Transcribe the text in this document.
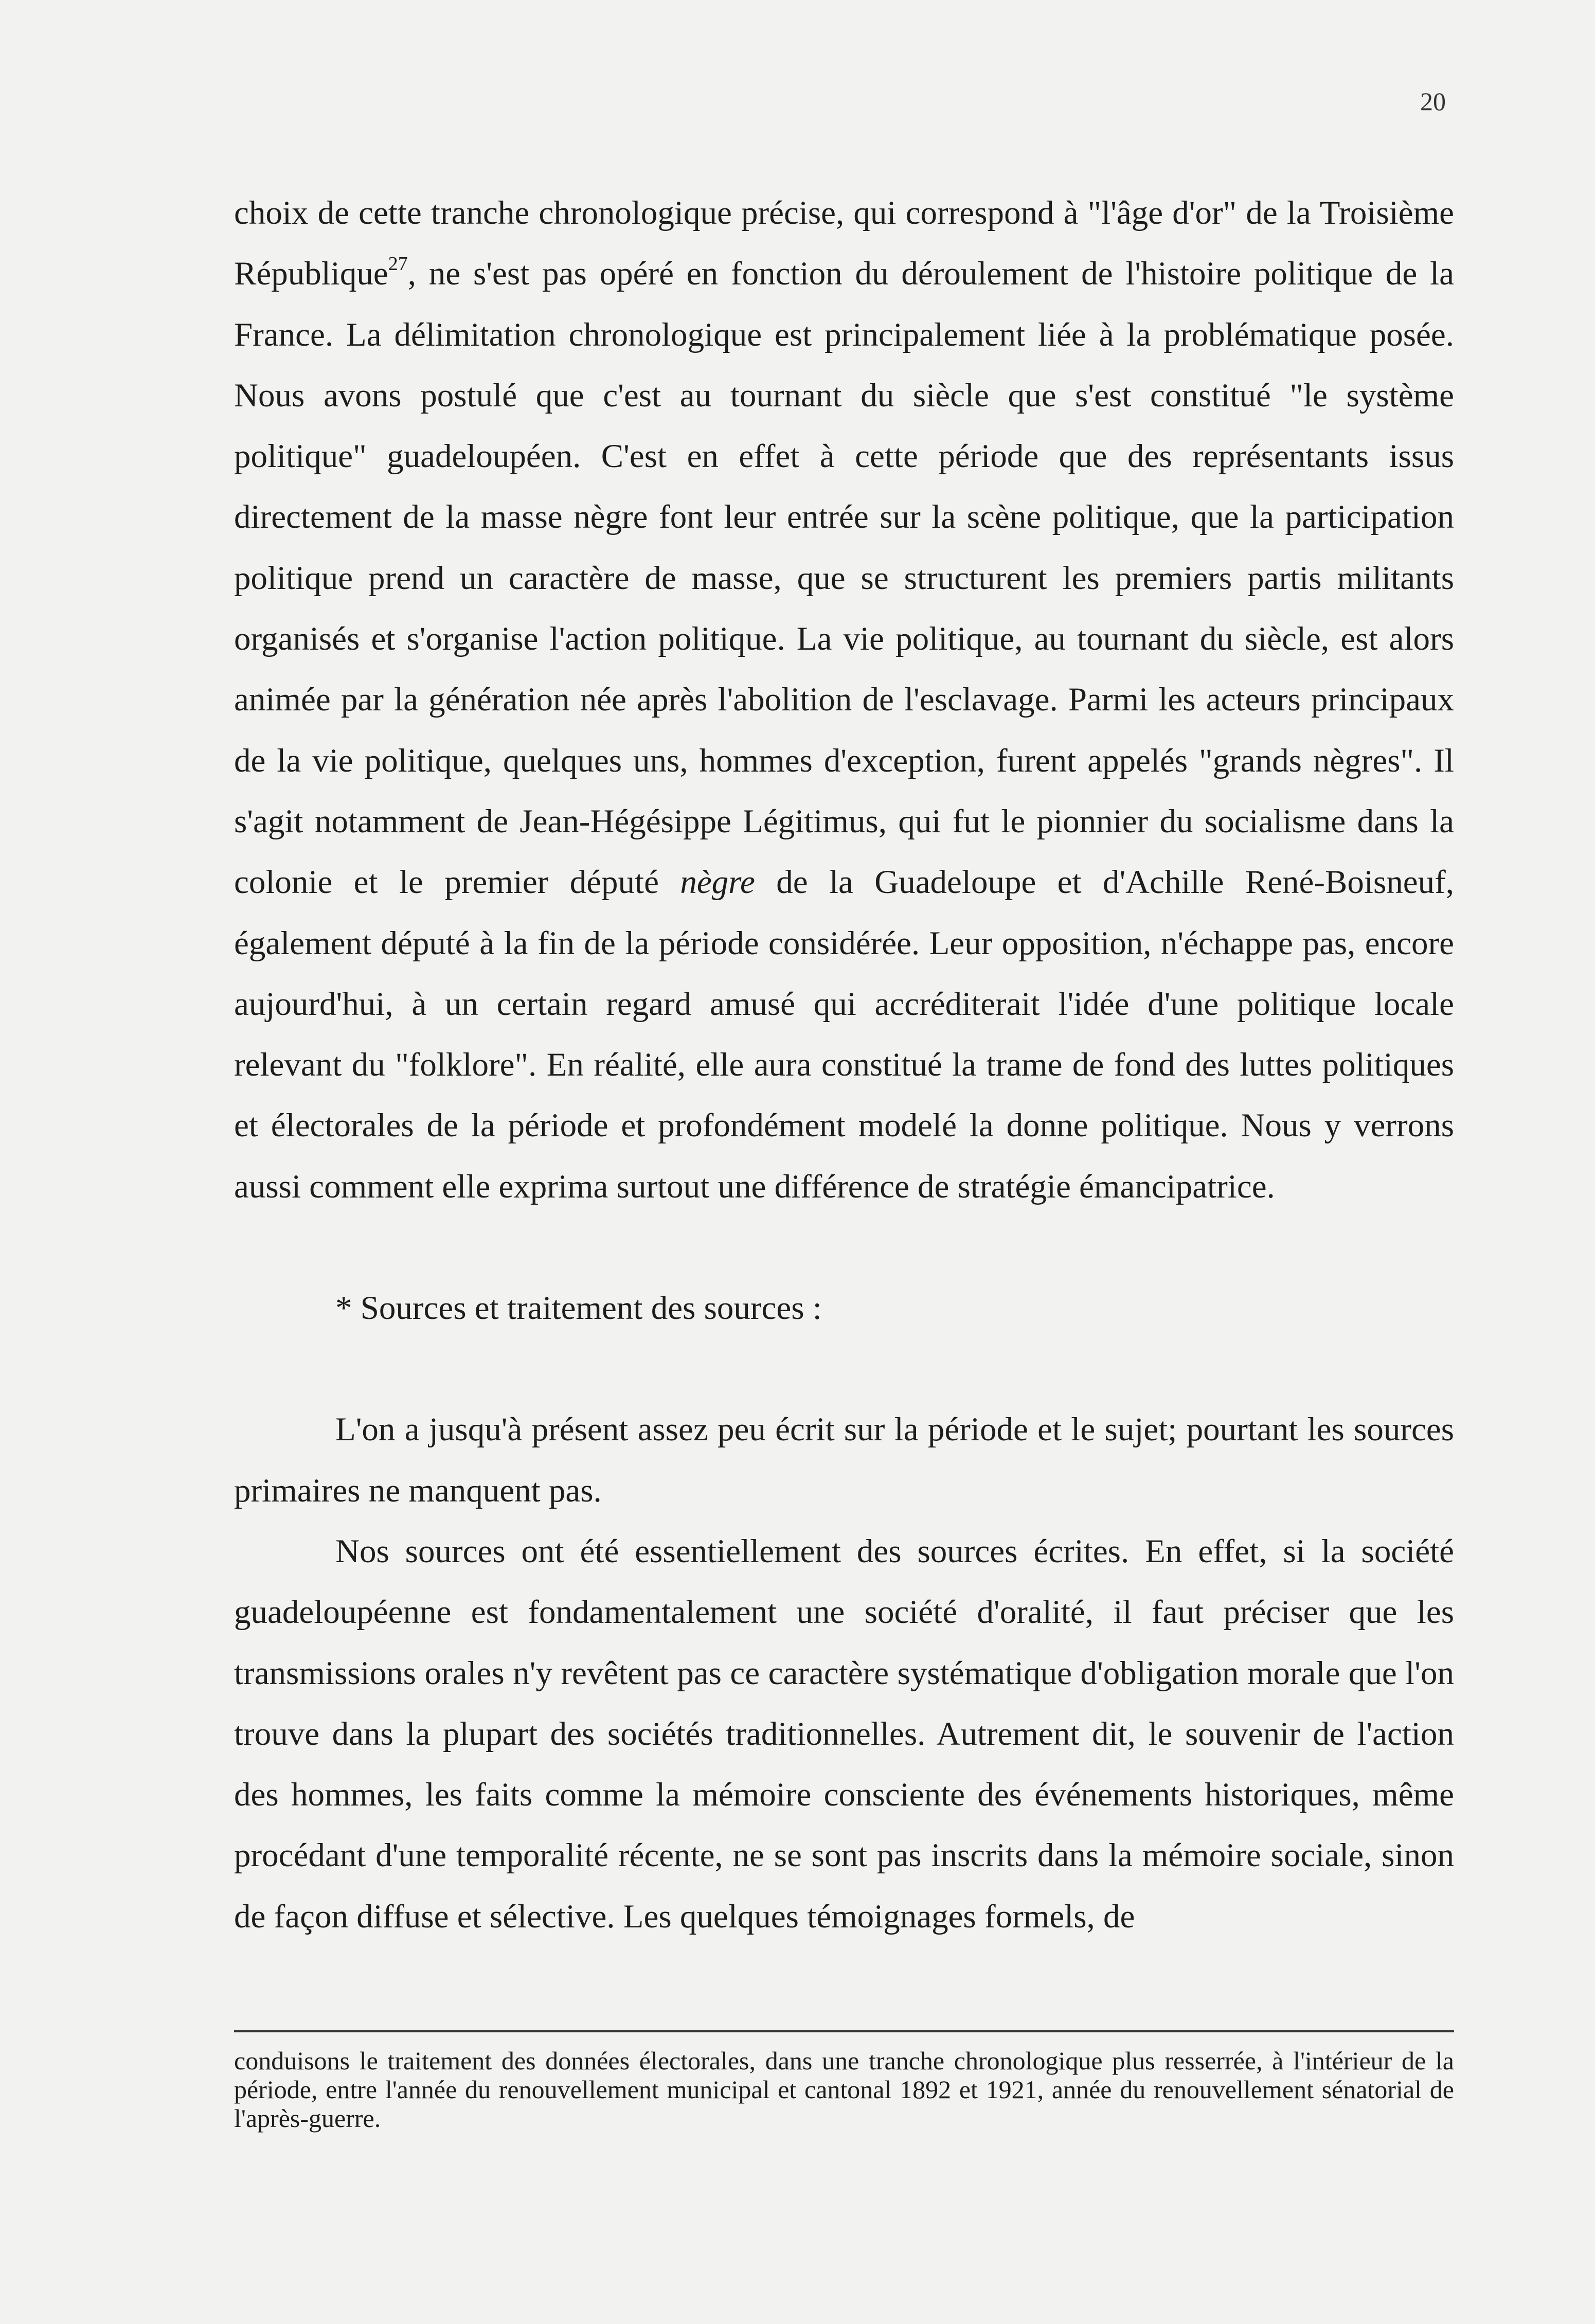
20

choix de cette tranche chronologique précise, qui correspond à "l'âge d'or" de la Troisième République$^{27}$, ne s'est pas opéré en fonction du déroulement de l'histoire politique de la France. La délimitation chronologique est principalement liée à la problématique posée. Nous avons postulé que c'est au tournant du siècle que s'est constitué "le système politique" guadeloupéen. C'est en effet à cette période que des représentants issus directement de la masse nègre font leur entrée sur la scène politique, que la participation politique prend un caractère de masse, que se structurent les premiers partis militants organisés et s'organise l'action politique. La vie politique, au tournant du siècle, est alors animée par la génération née après l'abolition de l'esclavage. Parmi les acteurs principaux de la vie politique, quelques uns, hommes d'exception, furent appelés "grands nègres". Il s'agit notamment de Jean-Hégésippe Légitimus, qui fut le pionnier du socialisme dans la colonie et le premier député nègre de la Guadeloupe et d'Achille René-Boisneuf, également député à la fin de la période considérée. Leur opposition, n'échappe pas, encore aujourd'hui, à un certain regard amusé qui accréditerait l'idée d'une politique locale relevant du "folklore". En réalité, elle aura constitué la trame de fond des luttes politiques et électorales de la période et profondément modelé la donne politique. Nous y verrons aussi comment elle exprima surtout une différence de stratégie émancipatrice.

* Sources et traitement des sources :

L'on a jusqu'à présent assez peu écrit sur la période et le sujet; pourtant les sources primaires ne manquent pas.

Nos sources ont été essentiellement des sources écrites. En effet, si la société guadeloupéenne est fondamentalement une société d'oralité, il faut préciser que les transmissions orales n'y revêtent pas ce caractère systématique d'obligation morale que l'on trouve dans la plupart des sociétés traditionnelles. Autrement dit, le souvenir de l'action des hommes, les faits comme la mémoire consciente des événements historiques, même procédant d'une temporalité récente, ne se sont pas inscrits dans la mémoire sociale, sinon de façon diffuse et sélective. Les quelques témoignages formels, de

conduisons le traitement des données électorales, dans une tranche chronologique plus resserrée, à l'intérieur de la période, entre l'année du renouvellement municipal et cantonal 1892 et 1921, année du renouvellement sénatorial de l'après-guerre.
